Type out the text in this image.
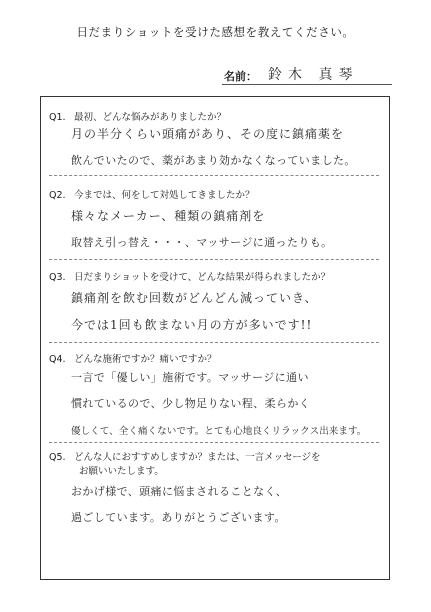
日だまりショットを受けた感想を教えてください。
名前： 鈴木 真琴
Q1. 最初、どんな悩みがありましたか？
月の半分くらい頭痛があり、その度に鎮痛薬を
飲んでいたので、薬があまり効かなくなっていました。
Q2. 今までは、何をして対処してきましたか？
様々なメーカー、種類の鎮痛剤を
取替え引っ替え・・・、マッサージに通ったりも。
Q3. 日だまりショットを受けて、どんな結果が得られましたか？
鎮痛剤を飲む回数がどんどん減っていき、
今では1回も飲まない月の方が多いです!!
Q4. どんな施術ですか？痛いですか？
一言で「優しい」施術です。マッサージに通い
慣れているので、少し物足りない程、柔らかく
優しくて、全く痛くないです。とても心地良くリラックス出来ます。
Q5. どんな人におすすめしますか？または、一言メッセージを
お願いいたします。
おかげ様で、頭痛に悩まされることなく、
過ごしています。ありがとうございます。
